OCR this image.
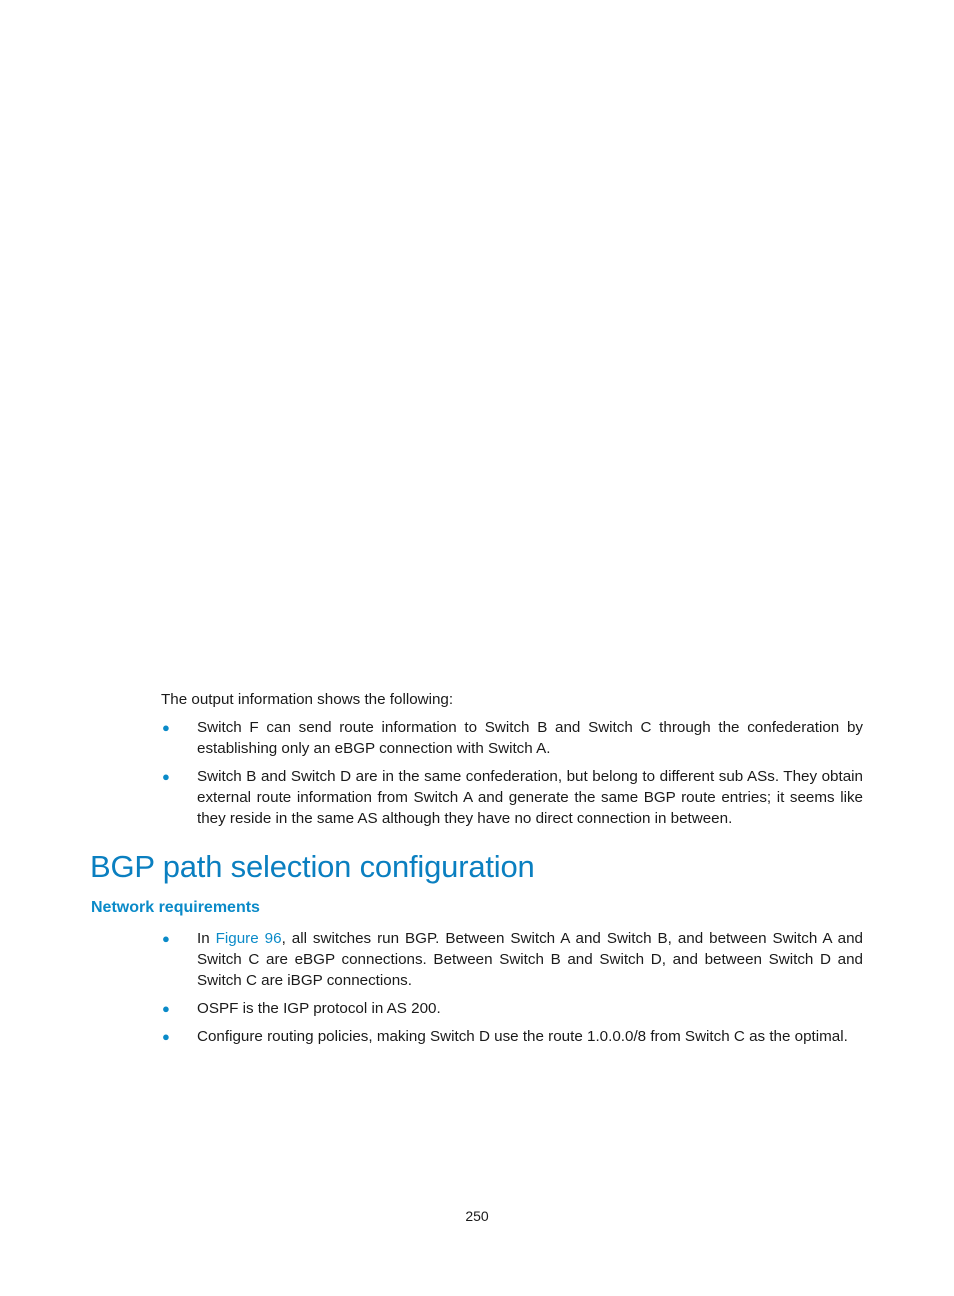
The output information shows the following:
● Switch F can send route information to Switch B and Switch C through the confederation by establishing only an eBGP connection with Switch A.
● Switch B and Switch D are in the same confederation, but belong to different sub ASs. They obtain external route information from Switch A and generate the same BGP route entries; it seems like they reside in the same AS although they have no direct connection in between.
BGP path selection configuration
Network requirements
● In Figure 96, all switches run BGP. Between Switch A and Switch B, and between Switch A and Switch C are eBGP connections. Between Switch B and Switch D, and between Switch D and Switch C are iBGP connections.
● OSPF is the IGP protocol in AS 200.
● Configure routing policies, making Switch D use the route 1.0.0.0/8 from Switch C as the optimal.
250
